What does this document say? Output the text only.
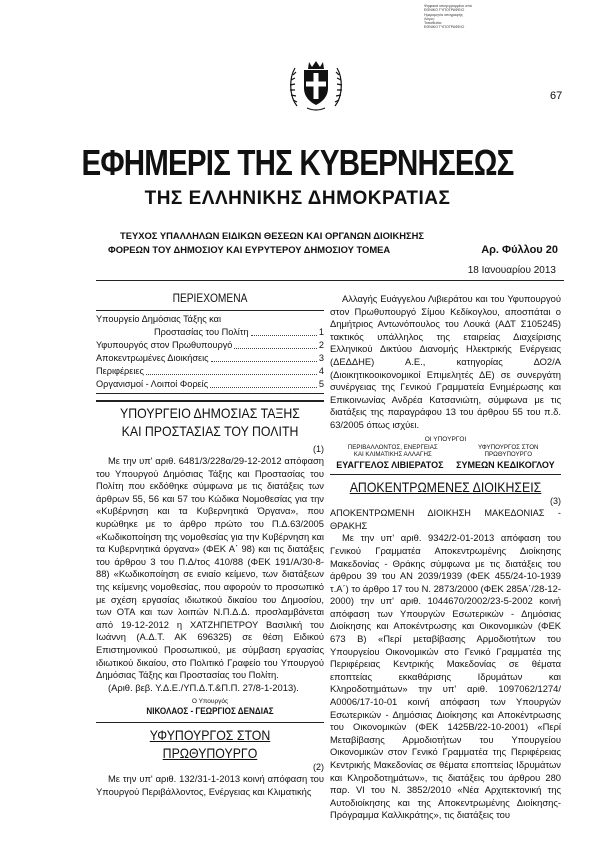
Ψηφιακά υπογεγραμμένο από
ΕΘΝΙΚΟ ΤΥΠΟΓΡΑΦΕΙΟ
Ημερομηνία υπογραφής:
Λόγος:
Τοποθεσία:
ΕΘΝΙΚΟ ΤΥΠΟΓΡΑΦΕΙΟ
67
ΕΦΗΜΕΡΙΣ ΤΗΣ ΚΥΒΕΡΝΗΣΕΩΣ
ΤΗΣ ΕΛΛΗΝΙΚΗΣ ΔΗΜΟΚΡΑΤΙΑΣ
ΤΕΥΧΟΣ ΥΠΑΛΛΗΛΩΝ ΕΙΔΙΚΩΝ ΘΕΣΕΩΝ ΚΑΙ ΟΡΓΑΝΩΝ ΔΙΟΙΚΗΣΗΣ
ΦΟΡΕΩΝ ΤΟΥ ΔΗΜΟΣΙΟΥ ΚΑΙ ΕΥΡΥΤΕΡΟΥ ΔΗΜΟΣΙΟΥ ΤΟΜΕΑ	Αρ. Φύλλου 20
18 Ιανουαρίου 2013
ΠΕΡΙΕΧΟΜΕΝΑ
Υπουργείο Δημόσιας Τάξης και
Προστασίας του Πολίτη	1
Υφυπουργός στον Πρωθυπουργό	2
Αποκεντρωμένες Διοικήσεις	3
Περιφέρειες	4
Οργανισμοί - Λοιποί Φορείς	5
ΥΠΟΥΡΓΕΙΟ ΔΗΜΟΣΙΑΣ ΤΑΞΗΣ
ΚΑΙ ΠΡΟΣΤΑΣΙΑΣ ΤΟΥ ΠΟΛΙΤΗ
(1)

Με την υπ' αριθ. 6481/3/228α/29-12-2012 απόφαση του Υπουργού Δημόσιας Τάξης και Προστασίας του Πολίτη που εκδόθηκε σύμφωνα με τις διατάξεις των άρθρων 55, 56 και 57 του Κώδικα Νομοθεσίας για την «Κυβέρνηση και τα Κυβερνητικά Όργανα», που κυρώθηκε με το άρθρο πρώτο του Π.Δ.63/2005 «Κωδικοποίηση της νομοθεσίας για την Κυβέρνηση και τα Κυβερνητικά όργανα» (ΦΕΚ Α΄ 98) και τις διατάξεις του άρθρου 3 του Π.Δ/τος 410/88 (ΦΕΚ 191/Α/30-8-88) «Κωδικοποίηση σε ενιαίο κείμενο, των διατάξεων της κείμενης νομοθεσίας, που αφορούν το προσωπικό με σχέση εργασίας ιδιωτικού δικαίου του Δημοσίου, των ΟΤΑ και των λοιπών Ν.Π.Δ.Δ. προσλαμβάνεται από 19-12-2012 η ΧΑΤΖΗΠΕΤΡΟΥ Βασιλική του Ιωάννη (Α.Δ.Τ. ΑΚ 696325) σε θέση Ειδικού Επιστημονικού Προσωπικού, με σύμβαση εργασίας ιδιωτικού δικαίου, στο Πολιτικό Γραφείο του Υπουργού Δημόσιας Τάξης και Προστασίας του Πολίτη.

(Αριθ. βεβ. Υ.Δ.Ε./ΥΠ.Δ.Τ.&Π.Π. 27/8-1-2013).

Ο Υπουργός
ΝΙΚΟΛΑΟΣ - ΓΕΩΡΓΙΟΣ ΔΕΝΔΙΑΣ
ΥΦΥΠΟΥΡΓΟΣ ΣΤΟΝ ΠΡΩΘΥΠΟΥΡΓΟ
(2)

Με την υπ' αριθ. 132/31-1-2013 κοινή απόφαση του Υπουργού Περιβάλλοντος, Ενέργειας και Κλιματικής

Αλλαγής Ευάγγελου Λιβιεράτου και του Υφυπουργού στον Πρωθυπουργό Σίμου Κεδίκογλου, αποσπάται ο Δημήτριος Αντωνόπουλος του Λουκά (ΑΔΤ Σ105245) τακτικός υπάλληλος της εταιρείας Διαχείρισης Ελληνικού Δικτύου Διανομής Ηλεκτρικής Ενέργειας (ΔΕΔΔΗΕ) Α.Ε., κατηγορίας ΔΟ2/Α (Διοικητικοοικονομικοί Επιμελητές ΔΕ) σε συνεργάτη συνέργειας της Γενικού Γραμματεία Ενημέρωσης και Επικοινωνίας Ανδρέα Κατσανιώτη, σύμφωνα με τις διατάξεις της παραγράφου 13 του άρθρου 55 του π.δ. 63/2005 όπως ισχύει.

ΟΙ ΥΠΟΥΡΓΟΙ
ΠΕΡΙΒΑΛΛΟΝΤΟΣ, ΕΝΕΡΓΕΙΑΣ ΚΑΙ ΚΛΙΜΑΤΙΚΗΣ ΑΛΛΑΓΗΣ
ΥΦΥΠΟΥΡΓΟΣ ΣΤΟΝ ΠΡΩΘΥΠΟΥΡΓΟ
ΕΥΑΓΓΕΛΟΣ ΛΙΒΙΕΡΑΤΟΣ ΣΥΜΕΩΝ ΚΕΔΙΚΟΓΛΟΥ
ΑΠΟΚΕΝΤΡΩΜΕΝΕΣ ΔΙΟΙΚΗΣΕΙΣ
(3)
ΑΠΟΚΕΝΤΡΩΜΕΝΗ ΔΙΟΙΚΗΣΗ ΜΑΚΕΔΟΝΙΑΣ - ΘΡΑΚΗΣ

Με την υπ' αριθ. 9342/2-01-2013 απόφαση του Γενικού Γραμματέα Αποκεντρωμένης Διοίκησης Μακεδονίας - Θράκης σύμφωνα με τις διατάξεις του άρθρου 39 του ΑΝ 2039/1939 (ΦΕΚ 455/24-10-1939 τ.Α΄) το άρθρο 17 του Ν. 2873/2000 (ΦΕΚ 285Α΄/28-12-2000) την υπ' αριθ. 1044670/2002/23-5-2002 κοινή απόφαση των Υπουργών Εσωτερικών - Δημόσιας Διοίκησης και Αποκέντρωσης και Οικονομικών (ΦΕΚ 673 Β) «Περί μεταβίβασης Αρμοδιοτήτων του Υπουργείου Οικονομικών στο Γενικό Γραμματέα της Περιφέρειας Κεντρικής Μακεδονίας σε θέματα εποπτείας εκκαθάρισης Ιδρυμάτων και Κληροδοτημάτων» την υπ' αριθ. 1097062/1274/Α0006/17-10-01 κοινή απόφαση των Υπουργών Εσωτερικών - Δημόσιας Διοίκησης και Αποκέντρωσης του Οικονομικών (ΦΕΚ 1425Β/22-10-2001) «Περί Μεταβίβασης Αρμοδιοτήτων του Υπουργείου Οικονομικών στον Γενικό Γραμματέα της Περιφέρειας Κεντρικής Μακεδονίας σε θέματα εποπτείας Ιδρυμάτων και Κληροδοτημάτων», τις διατάξεις του άρθρου 280 παρ. VI του Ν. 3852/2010 «Νέα Αρχιτεκτονική της Αυτοδιοίκησης και της Αποκεντρωμένης Διοίκησης-Πρόγραμμα Καλλικράτης», τις διατάξεις του
